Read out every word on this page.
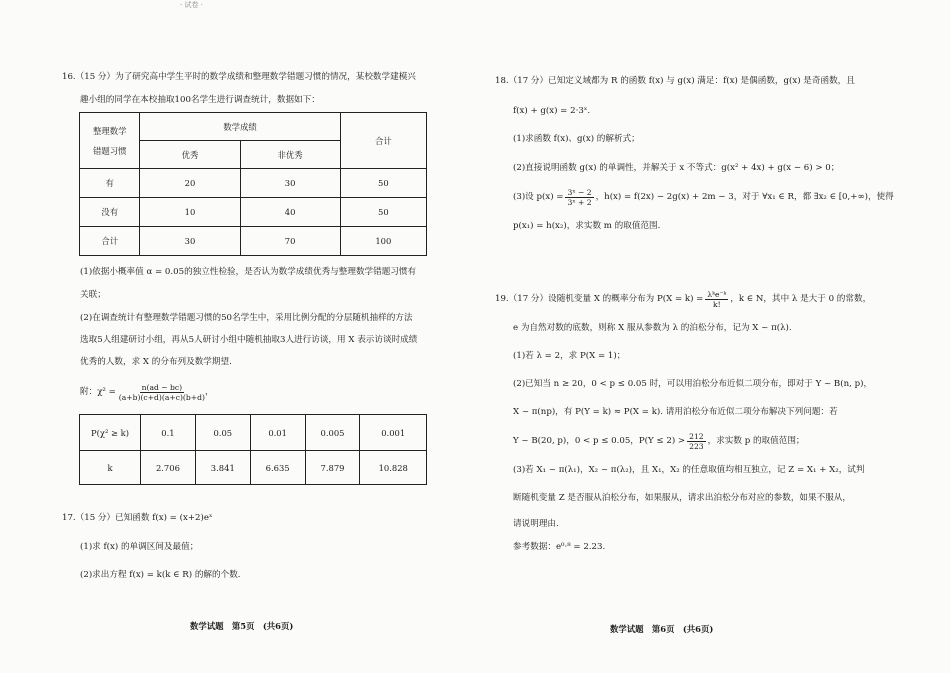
· 试卷 ·
16.（15 分）为了研究高中学生平时的数学成绩和整理数学错题习惯的情况，某校数学建模兴
趣小组的同学在本校抽取100名学生进行调查统计，数据如下：
整理数学
错题习惯	数学成绩		合计
	优秀	非优秀	
有	20	30	50
没有	10	40	50
合计	30	70	100
(1)依据小概率值 α = 0.05的独立性检验，是否认为数学成绩优秀与整理数学错题习惯有
关联；
(2)在调查统计有整理数学错题习惯的50名学生中，采用比例分配的分层随机抽样的方法
选取5人组建研讨小组，再从5人研讨小组中随机抽取3人进行访谈，用 X 表示访谈时成绩
优秀的人数，求 X 的分布列及数学期望.
附：$\chi^2 = \frac{n(ad - bc)}{(a+b)(c+d)(a+c)(b+d)}$ ，
P(χ² ≥ k)	0.1	0.05	0.01	0.005	0.001
k	2.706	3.841	6.635	7.879	10.828
17.（15 分）已知函数 f(x) = (x+2)eˣ
(1)求 f(x) 的单调区间及最值；
(2)求出方程 f(x) = k(k ∈ R) 的解的个数.
数学试题　第5页　(共6页)
18.（17 分）已知定义域都为 R 的函数 f(x) 与 g(x) 满足：f(x) 是偶函数，g(x) 是奇函数，且
f(x) + g(x) = 2·3ˣ.
(1)求函数 f(x)、g(x) 的解析式；
(2)直接说明函数 g(x) 的单调性，并解关于 x 不等式：g(x² + 4x) + g(x − 6) > 0；
(3)设 $p(x) = \frac{\text{3ˣ − 2}}{\text{3ˣ + 2}}$ ，h(x) = f(2x) − 2g(x) + 2m − 3，对于 ∀x₁ ∈ R，都 ∃x₂ ∈ [0,+∞)，使得
p(x₁) = h(x₂)，求实数 m 的取值范围.
19.（17 分）设随机变量 X 的概率分布为 $P(X = k) = \frac{\text{λᵏe⁻ᵏ}}{k!}$ ，k ∈ N，其中 λ 是大于 0 的常数，
e 为自然对数的底数，则称 X 服从参数为 λ 的泊松分布，记为 X ~ π(λ).
(1)若 λ = 2，求 P(X = 1)；
(2)已知当 n ≥ 20，0 < p ≤ 0.05 时，可以用泊松分布近似二项分布，即对于 Y ~ B(n, p)，
X ~ π(np)，有 P(Y = k) ≈ P(X = k). 请用泊松分布近似二项分布解决下列问题：若
Y ~ B(20, p)，0 < p ≤ 0.05，$P(Y \le 2) > \frac{212}{223}$ ，求实数 p 的取值范围；
(3)若 X₁ ~ π(λ₁)，X₂ ~ π(λ₂)，且 X₁，X₂ 的任意取值均相互独立，记 Z = X₁ + X₂，试判
断随机变量 Z 是否服从泊松分布，如果服从，请求出泊松分布对应的参数，如果不服从，
请说明理由.
参考数据：e⁰·⁸ = 2.23.
数学试题　第6页　(共6页)
